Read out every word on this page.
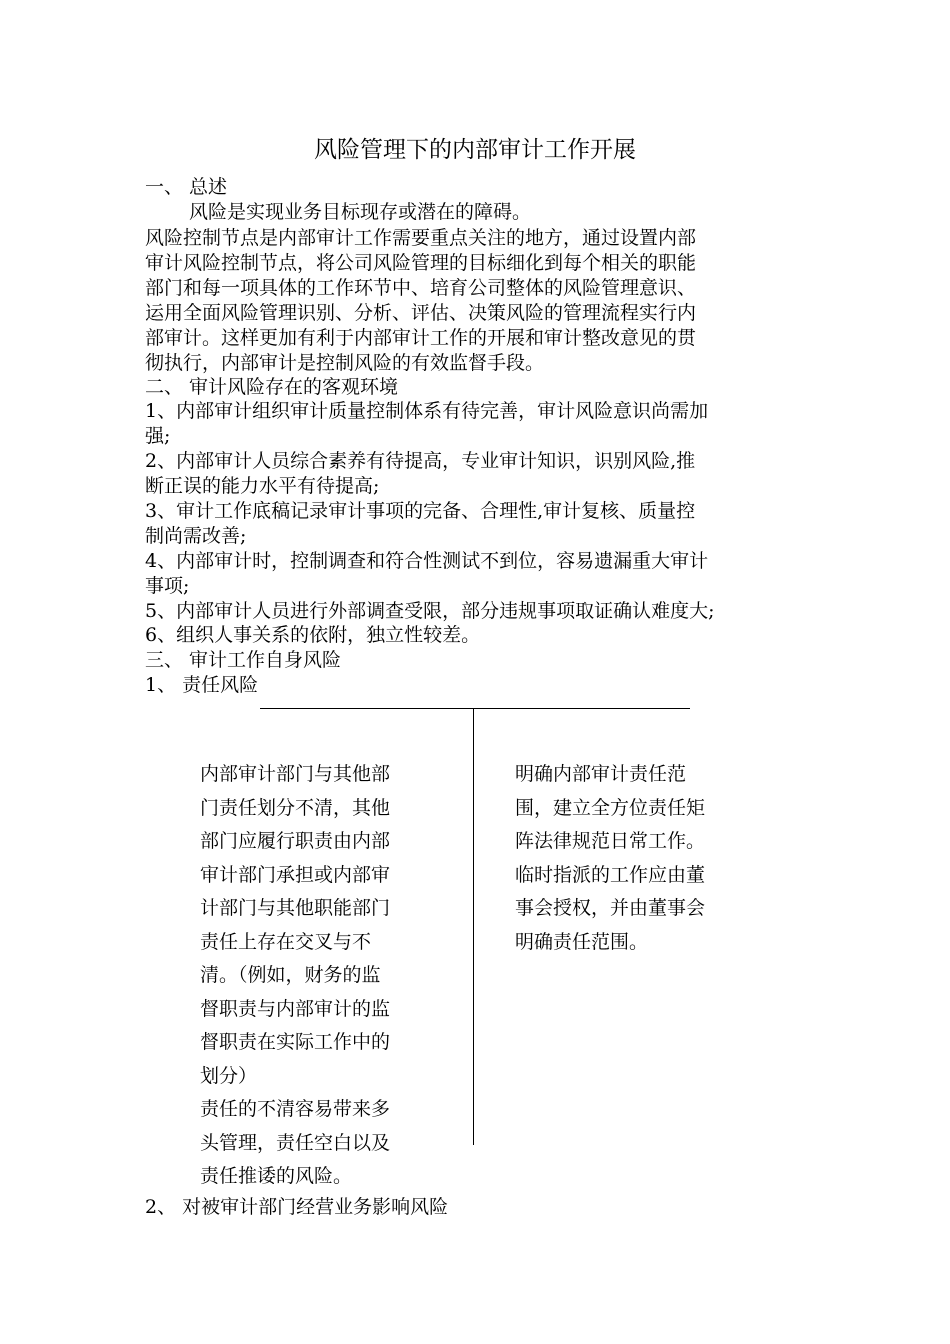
风险管理下的内部审计工作开展
一、 总述
风险是实现业务目标现存或潜在的障碍。
风险控制节点是内部审计工作需要重点关注的地方，通过设置内部
审计风险控制节点，将公司风险管理的目标细化到每个相关的职能
部门和每一项具体的工作环节中、培育公司整体的风险管理意识、
运用全面风险管理识别、分析、评估、决策风险的管理流程实行内
部审计。这样更加有利于内部审计工作的开展和审计整改意见的贯
彻执行，内部审计是控制风险的有效监督手段。
二、 审计风险存在的客观环境
1、内部审计组织审计质量控制体系有待完善，审计风险意识尚需加
强;
2、内部审计人员综合素养有待提高，专业审计知识，识别风险,推
断正误的能力水平有待提高;
3、审计工作底稿记录审计事项的完备、合理性,审计复核、质量控
制尚需改善;
4、内部审计时，控制调查和符合性测试不到位，容易遗漏重大审计
事项;
5、内部审计人员进行外部调查受限，部分违规事项取证确认难度大;
6、组织人事关系的依附，独立性较差。
三、 审计工作自身风险
1、 责任风险
内部审计部门与其他部
门责任划分不清，其他
部门应履行职责由内部
审计部门承担或内部审
计部门与其他职能部门
责任上存在交叉与不
清。（例如，财务的监
督职责与内部审计的监
督职责在实际工作中的
划分）
责任的不清容易带来多
头管理，责任空白以及
责任推诿的风险。
明确内部审计责任范
围，建立全方位责任矩
阵法律规范日常工作。
临时指派的工作应由董
事会授权，并由董事会
明确责任范围。
2、 对被审计部门经营业务影响风险
